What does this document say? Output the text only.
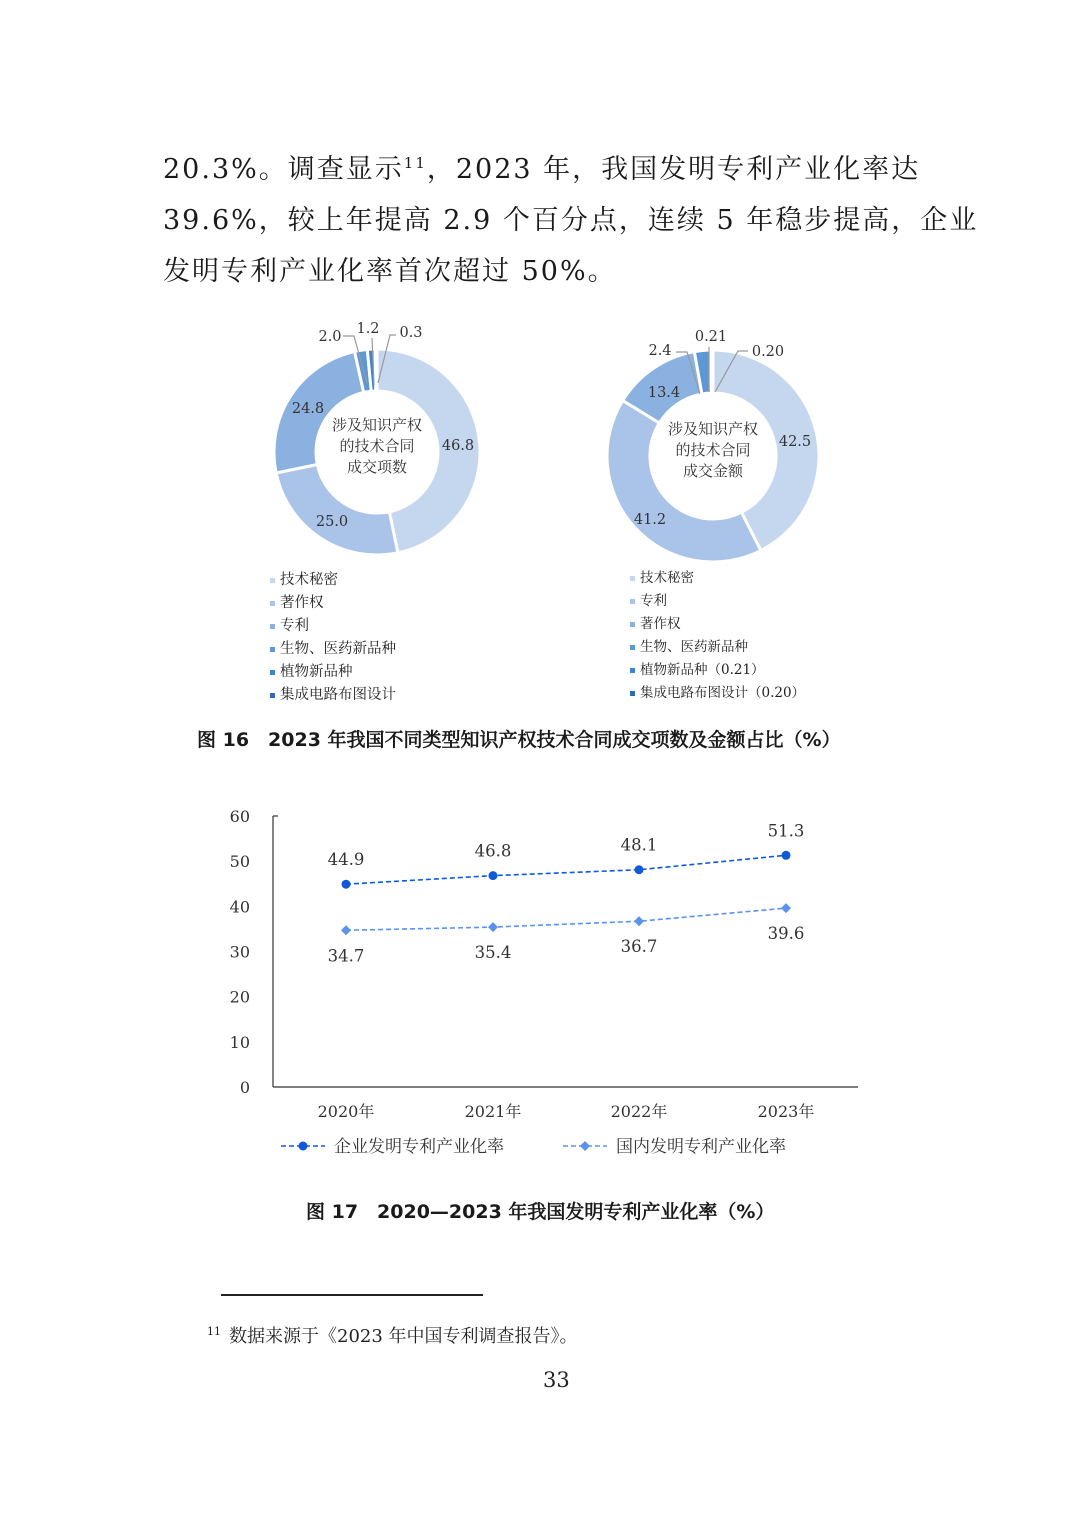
20.3%。调查显示$^{11}$，2023 年，我国发明专利产业化率达

39.6%，较上年提高 2.9 个百分点，连续 5 年稳步提高，企业

发明专利产业化率首次超过 50%。

涉及知识产权
的技术合同
成交项数
46.8
25.0
24.8
2.0 1.2 0.3
涉及知识产权
的技术合同
成交金额
42.5
41.2
13.4
2.4
0.21
0.20
技术秘密
著作权
专利
生物、医药新品种
植物新品种
集成电路布图设计
技术秘密
专利
著作权
生物、医药新品种
植物新品种（0.21）
集成电路布图设计（0.20）
图 16　2023 年我国不同类型知识产权技术合同成交项数及金额占比（%）
0
10
20
30
40
50
60
2020年	2021年	2022年	2023年
44.9	46.8	48.1
51.3
34.7	35.4	36.7
39.6
企业发明专利产业化率	国内发明专利产业化率
图 17　2020—2023 年我国发明专利产业化率（%）
$^{11}$ 数据来源于《2023 年中国专利调查报告》。
33
